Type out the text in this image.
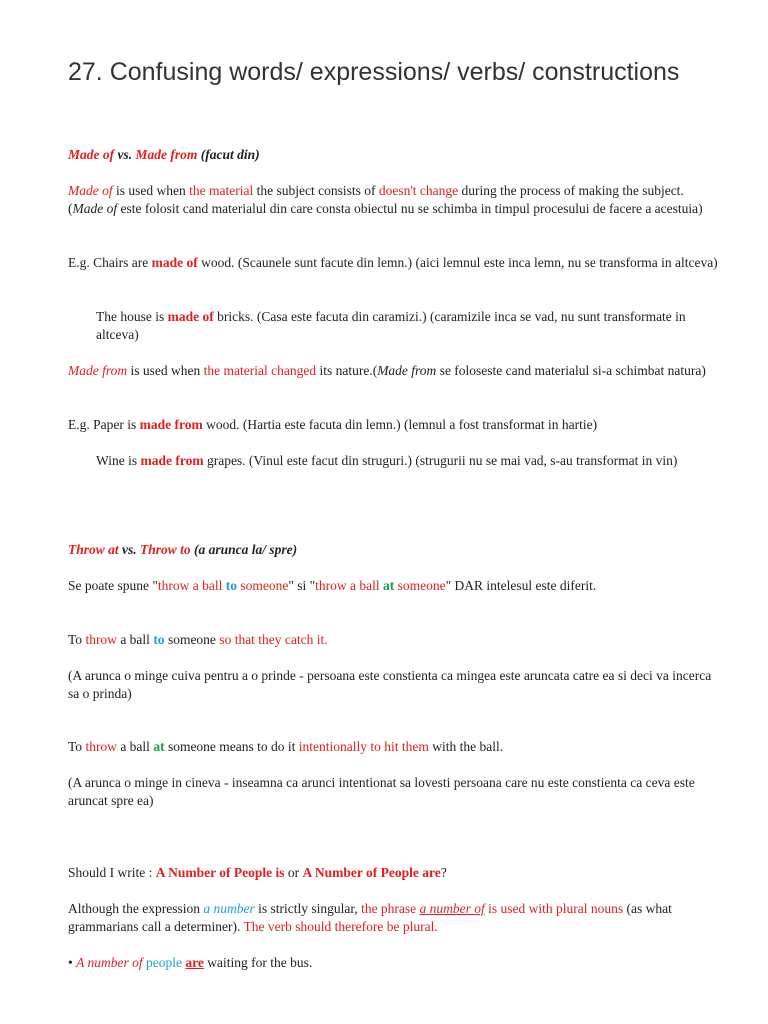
27. Confusing words/ expressions/ verbs/ constructions

Made of vs. Made from (facut din)

Made of is used when the material the subject consists of doesn't change during the process of making the subject. (Made of este folosit cand materialul din care consta obiectul nu se schimba in timpul procesului de facere a acestuia)

E.g. Chairs are made of wood. (Scaunele sunt facute din lemn.) (aici lemnul este inca lemn, nu se transforma in altceva)

The house is made of bricks. (Casa este facuta din caramizi.) (caramizile inca se vad, nu sunt transformate in altceva)

Made from is used when the material changed its nature.(Made from se foloseste cand materialul si-a schimbat natura)

E.g. Paper is made from wood. (Hartia este facuta din lemn.) (lemnul a fost transformat in hartie)

Wine is made from grapes. (Vinul este facut din struguri.) (strugurii nu se mai vad, s-au transformat in vin)

Throw at vs. Throw to (a arunca la/ spre)

Se poate spune "throw a ball to someone" si "throw a ball at someone" DAR intelesul este diferit.

To throw a ball to someone so that they catch it.

(A arunca o minge cuiva pentru a o prinde - persoana este constienta ca mingea este aruncata catre ea si deci va incerca sa o prinda)

To throw a ball at someone means to do it intentionally to hit them with the ball.

(A arunca o minge in cineva - inseamna ca arunci intentionat sa lovesti persoana care nu este constienta ca ceva este aruncat spre ea)

Should I write : A Number of People is or A Number of People are?

Although the expression a number is strictly singular, the phrase a number of is used with plural nouns (as what grammarians call a determiner). The verb should therefore be plural.

• A number of people are waiting for the bus.
